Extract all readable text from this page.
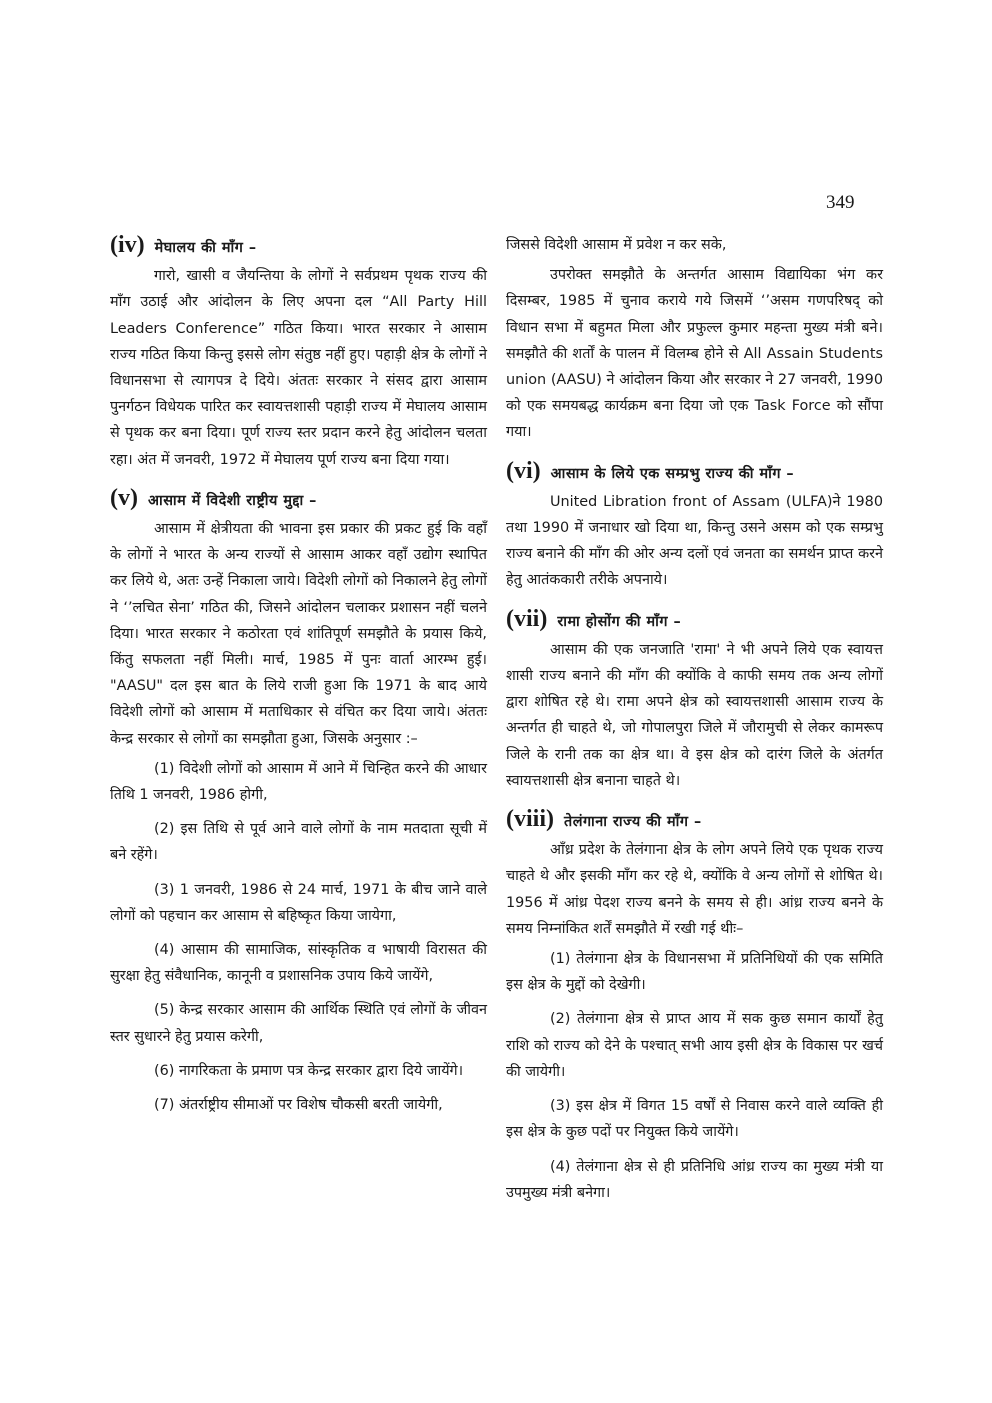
349
(iv) मेघालय की माँग –

गारो, खासी व जैयन्तिया के लोगों ने सर्वप्रथम पृथक राज्य की माँग उठाई और आंदोलन के लिए अपना दल “All Party Hill Leaders Conference” गठित किया। भारत सरकार ने आसाम राज्य गठित किया किन्तु इससे लोग संतुष्ठ नहीं हुए। पहाड़ी क्षेत्र के लोगों ने विधानसभा से त्यागपत्र दे दिये। अंततः सरकार ने संसद द्वारा आसाम पुनर्गठन विधेयक पारित कर स्वायत्तशासी पहाड़ी राज्य में मेघालय आसाम से पृथक कर बना दिया। पूर्ण राज्य स्तर प्रदान करने हेतु आंदोलन चलता रहा। अंत में जनवरी, 1972 में मेघालय पूर्ण राज्य बना दिया गया।

(v) आसाम में विदेशी राष्ट्रीय मुद्दा –

आसाम में क्षेत्रीयता की भावना इस प्रकार की प्रकट हुई कि वहाँ के लोगों ने भारत के अन्य राज्यों से आसाम आकर वहाँ उद्योग स्थापित कर लिये थे, अतः उन्हें निकाला जाये। विदेशी लोगों को निकालने हेतु लोगों ने ‘’लचित सेना’ गठित की, जिसने आंदोलन चलाकर प्रशासन नहीं चलने दिया। भारत सरकार ने कठोरता एवं शांतिपूर्ण समझौते के प्रयास किये, किंतु सफलता नहीं मिली। मार्च, 1985 में पुनः वार्ता आरम्भ हुई। "AASU" दल इस बात के लिये राजी हुआ कि 1971 के बाद आये विदेशी लोगों को आसाम में मताधिकार से वंचित कर दिया जाये। अंततः केन्द्र सरकार से लोगों का समझौता हुआ, जिसके अनुसार :–

(1) विदेशी लोगों को आसाम में आने में चिन्हित करने की आधार तिथि 1 जनवरी, 1986 होगी,

(2) इस तिथि से पूर्व आने वाले लोगों के नाम मतदाता सूची में बने रहेंगे।

(3) 1 जनवरी, 1986 से 24 मार्च, 1971 के बीच जाने वाले लोगों को पहचान कर आसाम से बहिष्कृत किया जायेगा,

(4) आसाम की सामाजिक, सांस्कृतिक व भाषायी विरासत की सुरक्षा हेतु संवैधानिक, कानूनी व प्रशासनिक उपाय किये जायेंगे,

(5) केन्द्र सरकार आसाम की आर्थिक स्थिति एवं लोगों के जीवन स्तर सुधारने हेतु प्रयास करेगी,

(6) नागरिकता के प्रमाण पत्र केन्द्र सरकार द्वारा दिये जायेंगे।

(7) अंतर्राष्ट्रीय सीमाओं पर विशेष चौकसी बरती जायेगी,

जिससे विदेशी आसाम में प्रवेश न कर सके,

उपरोक्त समझौते के अन्तर्गत आसाम विद्यायिका भंग कर दिसम्बर, 1985 में चुनाव कराये गये जिसमें ‘’असम गणपरिषद् को विधान सभा में बहुमत मिला और प्रफुल्ल कुमार महन्ता मुख्य मंत्री बने। समझौते की शर्तों के पालन में विलम्ब होने से All Assain Students union (AASU) ने आंदोलन किया और सरकार ने 27 जनवरी, 1990 को एक समयबद्ध कार्यक्रम बना दिया जो एक Task Force को सौंपा गया।

(vi) आसाम के लिये एक सम्प्रभु राज्य की माँग –

United Libration front of Assam (ULFA)ने 1980 तथा 1990 में जनाधार खो दिया था, किन्तु उसने असम को एक सम्प्रभु राज्य बनाने की माँग की ओर अन्य दलों एवं जनता का समर्थन प्राप्त करने हेतु आतंककारी तरीके अपनाये।

(vii) रामा होसोंग की माँग –

आसाम की एक जनजाति 'रामा' ने भी अपने लिये एक स्वायत्त शासी राज्य बनाने की माँग की क्योंकि वे काफी समय तक अन्य लोगों द्वारा शोषित रहे थे। रामा अपने क्षेत्र को स्वायत्तशासी आसाम राज्य के अन्तर्गत ही चाहते थे, जो गोपालपुरा जिले में जौरामुची से लेकर कामरूप जिले के रानी तक का क्षेत्र था। वे इस क्षेत्र को दारंग जिले के अंतर्गत स्वायत्तशासी क्षेत्र बनाना चाहते थे।

(viii) तेलंगाना राज्य की माँग –

आँध्र प्रदेश के तेलंगाना क्षेत्र के लोग अपने लिये एक पृथक राज्य चाहते थे और इसकी माँग कर रहे थे, क्योंकि वे अन्य लोगों से शोषित थे। 1956 में आंध्र पेदश राज्य बनने के समय से ही। आंध्र राज्य बनने के समय निम्नांकित शर्तें समझौते में रखी गई थीः–

(1) तेलंगाना क्षेत्र के विधानसभा में प्रतिनिधियों की एक समिति इस क्षेत्र के मुद्दों को देखेगी।

(2) तेलंगाना क्षेत्र से प्राप्त आय में सक कुछ समान कार्यों हेतु राशि को राज्य को देने के पश्चात् सभी आय इसी क्षेत्र के विकास पर खर्च की जायेगी।

(3) इस क्षेत्र में विगत 15 वर्षों से निवास करने वाले व्यक्ति ही इस क्षेत्र के कुछ पदों पर नियुक्त किये जायेंगे।

(4) तेलंगाना क्षेत्र से ही प्रतिनिधि आंध्र राज्य का मुख्य मंत्री या उपमुख्य मंत्री बनेगा।
